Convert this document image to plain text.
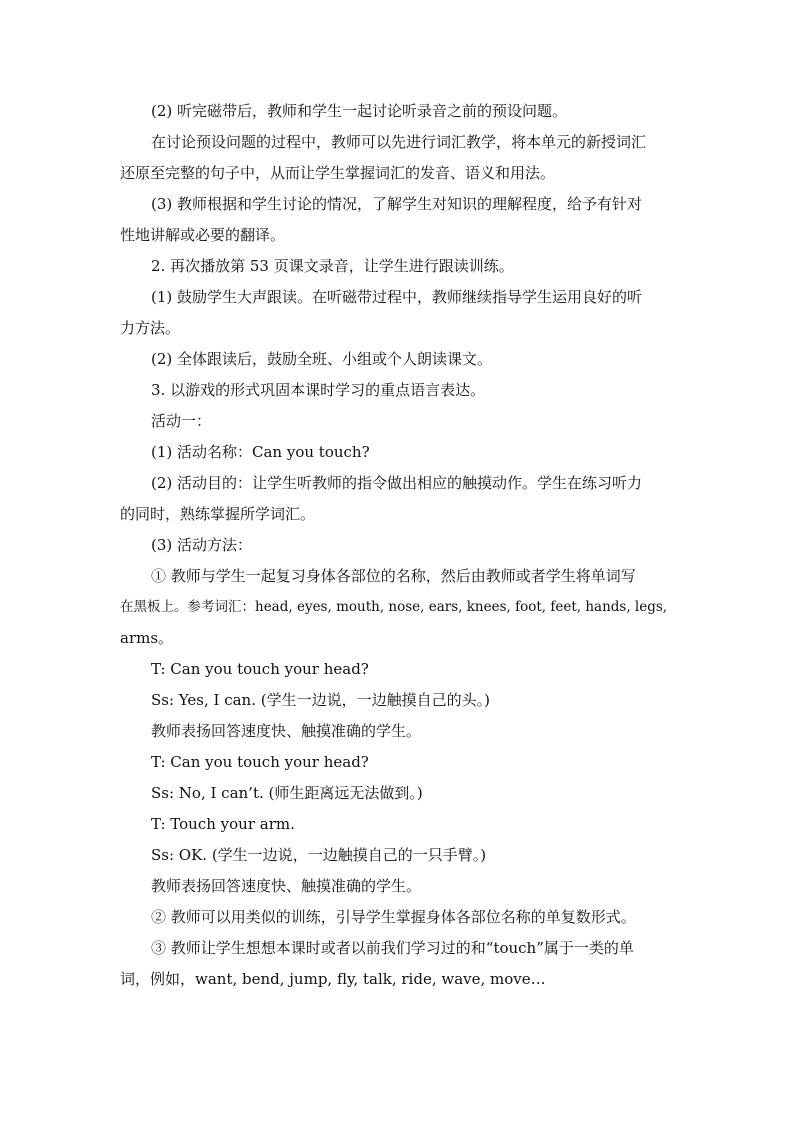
(2) 听完磁带后，教师和学生一起讨论听录音之前的预设问题。

在讨论预设问题的过程中，教师可以先进行词汇教学，将本单元的新授词汇

还原至完整的句子中，从而让学生掌握词汇的发音、语义和用法。

(3) 教师根据和学生讨论的情况，了解学生对知识的理解程度，给予有针对

性地讲解或必要的翻译。

2. 再次播放第 53 页课文录音，让学生进行跟读训练。

(1) 鼓励学生大声跟读。在听磁带过程中，教师继续指导学生运用良好的听

力方法。

(2) 全体跟读后，鼓励全班、小组或个人朗读课文。

3. 以游戏的形式巩固本课时学习的重点语言表达。

活动一：

(1) 活动名称：Can you touch?

(2) 活动目的：让学生听教师的指令做出相应的触摸动作。学生在练习听力

的同时，熟练掌握所学词汇。

(3) 活动方法：

① 教师与学生一起复习身体各部位的名称，然后由教师或者学生将单词写

在黑板上。参考词汇：head, eyes, mouth, nose, ears, knees, foot, feet, hands, legs,

arms。

T: Can you touch your head?

Ss: Yes, I can. (学生一边说，一边触摸自己的头。)

教师表扬回答速度快、触摸准确的学生。

T: Can you touch your head?

Ss: No, I can’t. (师生距离远无法做到。)

T: Touch your arm.

Ss: OK. (学生一边说，一边触摸自己的一只手臂。)

教师表扬回答速度快、触摸准确的学生。

② 教师可以用类似的训练，引导学生掌握身体各部位名称的单复数形式。

③ 教师让学生想想本课时或者以前我们学习过的和“touch”属于一类的单

词，例如，want, bend, jump, fly, talk, ride, wave, move…
